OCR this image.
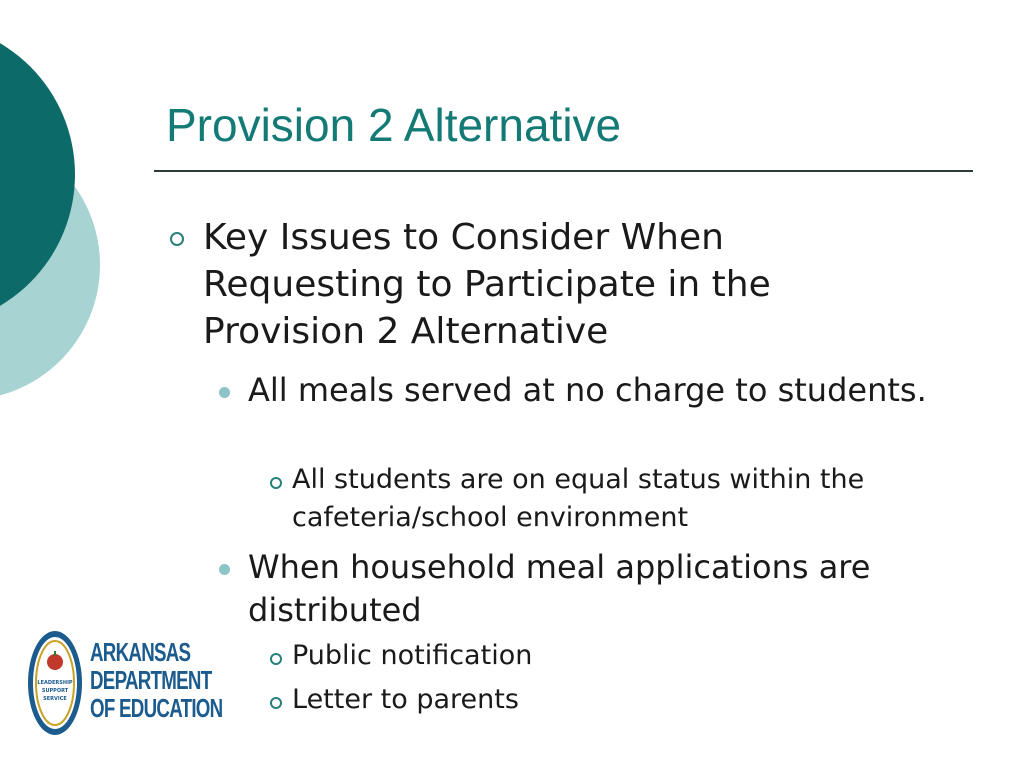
Provision 2 Alternative
Key Issues to Consider When Requesting to Participate in the Provision 2 Alternative
All meals served at no charge to students.
All students are on equal status within the cafeteria/school environment
When household meal applications are distributed
Public notification
Letter to parents
LEADERSHIP
SUPPORT
SERVICE
ARKANSAS
DEPARTMENT
OF EDUCATION
